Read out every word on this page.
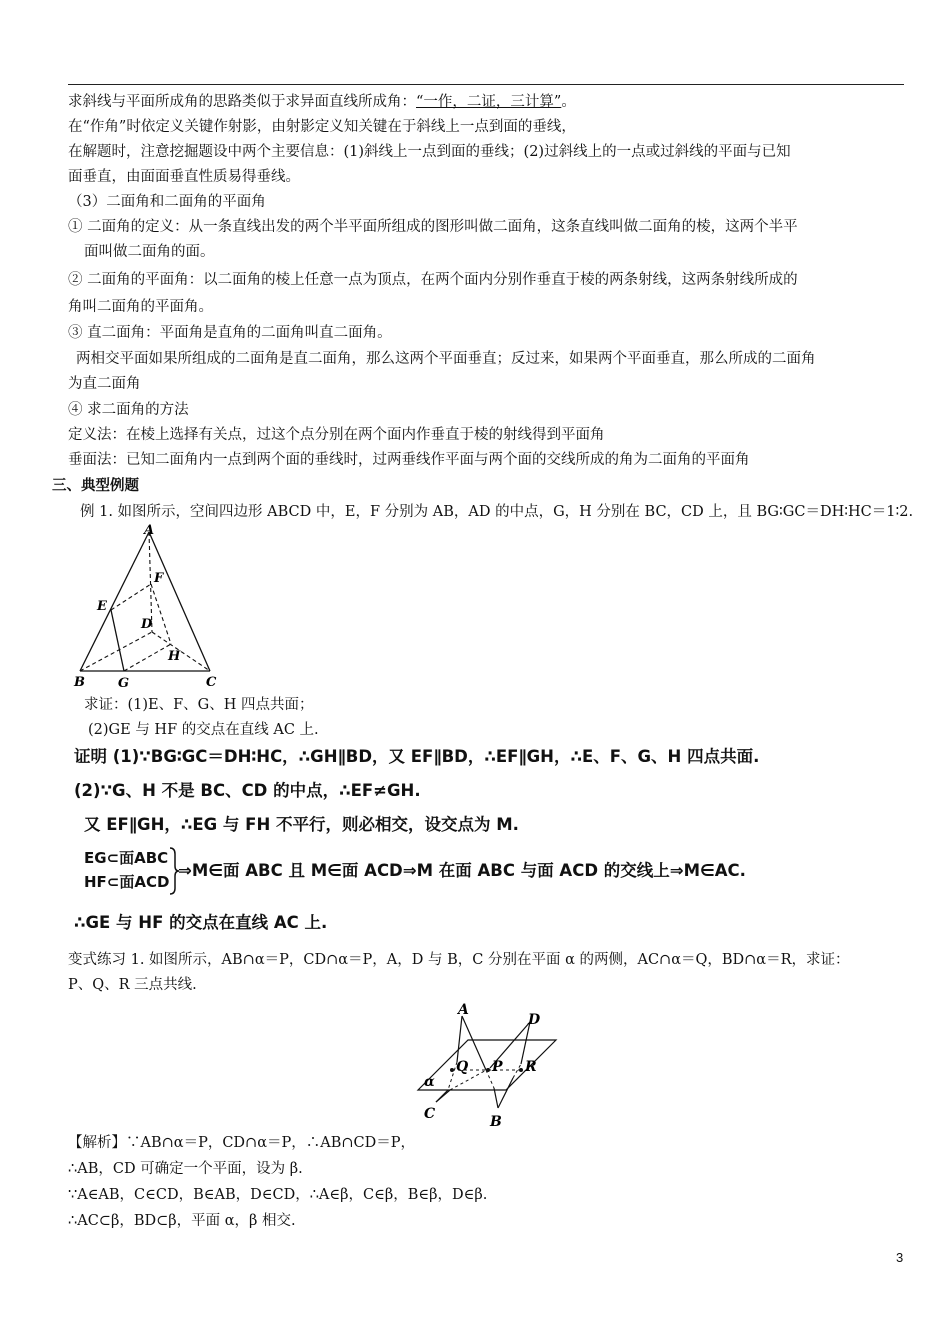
求斜线与平面所成角的思路类似于求异面直线所成角：“一作，二证，三计算”。
在“作角”时依定义关键作射影，由射影定义知关键在于斜线上一点到面的垂线，
在解题时，注意挖掘题设中两个主要信息：(1)斜线上一点到面的垂线；(2)过斜线上的一点或过斜线的平面与已知
面垂直，由面面垂直性质易得垂线。
（3）二面角和二面角的平面角
① 二面角的定义：从一条直线出发的两个半平面所组成的图形叫做二面角，这条直线叫做二面角的棱，这两个半平
面叫做二面角的面。
② 二面角的平面角：以二面角的棱上任意一点为顶点，在两个面内分别作垂直于棱的两条射线，这两条射线所成的
角叫二面角的平面角。
③ 直二面角：平面角是直角的二面角叫直二面角。
两相交平面如果所组成的二面角是直二面角，那么这两个平面垂直；反过来，如果两个平面垂直，那么所成的二面角
为直二面角
④ 求二面角的方法
定义法：在棱上选择有关点，过这个点分别在两个面内作垂直于棱的射线得到平面角
垂面法：已知二面角内一点到两个面的垂线时，过两垂线作平面与两个面的交线所成的角为二面角的平面角
三、典型例题
例 1. 如图所示，空间四边形 ABCD 中，E，F 分别为 AB，AD 的中点，G，H 分别在 BC，CD 上，且 BG∶GC＝DH∶HC＝1∶2.
A
E
F
D
H
B	G	C
求证：(1)E、F、G、H 四点共面；
(2)GE 与 HF 的交点在直线 AC 上.
证明 (1)∵BG∶GC＝DH∶HC，∴GH∥BD，又 EF∥BD，∴EF∥GH，∴E、F、G、H 四点共面.
(2)∵G、H 不是 BC、CD 的中点，∴EF≠GH.
又 EF∥GH，∴EG 与 FH 不平行，则必相交，设交点为 M.
EG⊂面ABC
HF⊂面ACD
⇒M∈面 ABC 且 M∈面 ACD⇒M 在面 ABC 与面 ACD 的交线上⇒M∈AC.
∴GE 与 HF 的交点在直线 AC 上.
变式练习 1. 如图所示，AB∩α＝P，CD∩α＝P，A，D 与 B，C 分别在平面 α 的两侧，AC∩α＝Q，BD∩α＝R，求证：
P、Q、R 三点共线.
A
D
Q P R
α
C	B
【解析】∵AB∩α＝P，CD∩α＝P，∴AB∩CD＝P，
∴AB，CD 可确定一个平面，设为 β.
∵A∈AB，C∈CD，B∈AB，D∈CD，∴A∈β，C∈β，B∈β，D∈β.
∴AC⊂β，BD⊂β，平面 α，β 相交.
3
